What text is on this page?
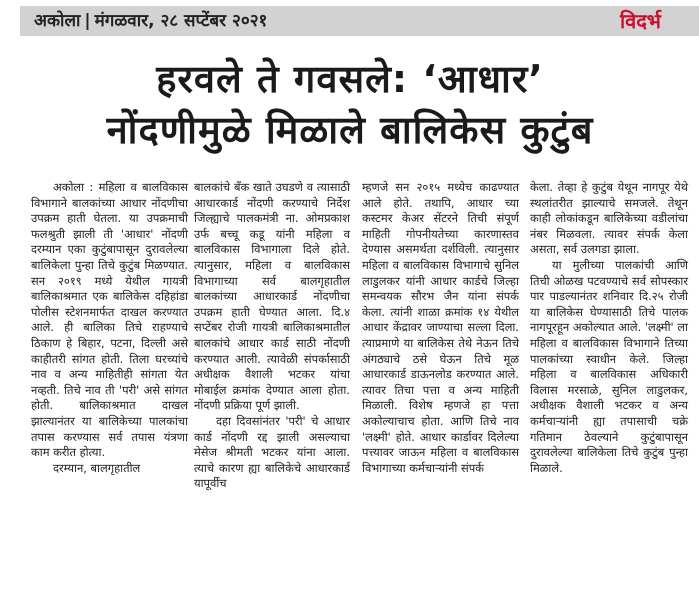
अकोला | मंगळवार, २८ सप्टेंबर २०२१	विदर्भ
हरवले ते गवसले: ‘आधार’
नोंदणीमुळे मिळाले बालिकेस कुटुंब

अकोला : महिला व बालविकास विभागाने बालकांच्या आधार नोंदणीचा उपक्रम हाती घेतला. या उपक्रमाची फलश्रुती झाली ती 'आधार' नोंदणी दरम्यान एका कुटुंबापासून दुरावलेल्या बालिकेला पुन्हा तिचे कुटुंब मिळण्यात. सन २०१९ मध्ये येथील गायत्री बालिकाश्रमात एक बालिकेस दहिहांडा पोलीस स्टेशनमार्फत दाखल करण्यात आले. ही बालिका तिचे राहण्याचे ठिकाण हे बिहार, पटना, दिल्ली असे काहीतरी सांगत होती. तिला घरच्यांचे नाव व अन्य माहितीही सांगता येत नव्हती. तिचे नाव ती 'परी' असे सांगत होती. बालिकाश्रमात दाखल झाल्यानंतर या बालिकेच्या पालकांचा तपास करण्यास सर्व तपास यंत्रणा काम करीत होत्या.

दरम्यान, बालगृहातील

बालकांचे बँक खाते उघडणे व त्यासाठी आधारकार्ड नोंदणी करण्याचे निर्देश जिल्ह्याचे पालकमंत्री ना. ओमप्रकाश उर्फ बच्चू कडू यांनी महिला व बालविकास विभागाला दिले होते. त्यानुसार, महिला व बालविकास विभागाच्या सर्व बालगृहातील बालकांच्या आधारकार्ड नोंदणीचा उपक्रम हाती घेण्यात आला. दि.४ सप्टेंबर रोजी गायत्री बालिकाश्रमातील बालकांचे आधार कार्ड साठी नोंदणी करण्यात आली. त्यावेळी संपर्कासाठी अधीक्षक वैशाली भटकर यांचा मोबाईल क्रमांक देण्यात आला होता. नोंदणी प्रक्रिया पूर्ण झाली.

दहा दिवसांनंतर 'परी' चे आधार कार्ड नोंदणी रद्द झाली असल्याचा मेसेज श्रीमती भटकर यांना आला. त्याचे कारण ह्या बालिकेचे आधारकार्ड यापूर्वीच

म्हणजे सन २०१५ मध्येच काढण्यात आले होते. तथापि, आधार च्या कस्टमर केअर सेंटरने तिची संपूर्ण माहिती गोपनीयतेच्या कारणास्तव देण्यास असमर्थता दर्शविली. त्यानुसार महिला व बालविकास विभागाचे सुनिल लाडुलकर यांनी आधार कार्डचे जिल्हा समन्वयक सौरभ जैन यांना संपर्क केला. त्यांनी शाळा क्रमांक १४ येथील आधार केंद्रावर जाण्याचा सल्ला दिला. त्याप्रमाणे या बालिकेस तेथे नेऊन तिचे अंगठ्याचे ठसे घेऊन तिचे मूळ आधारकार्ड डाऊनलोड करण्यात आले. त्यावर तिचा पत्ता व अन्य माहिती मिळाली. विशेष म्हणजे हा पत्ता अकोल्याचाच होता. आणि तिचे नाव 'लक्ष्मी' होते. आधार कार्डावर दिलेल्या पत्त्यावर जाऊन महिला व बालविकास विभागाच्या कर्मचाऱ्यांनी संपर्क

केला. तेव्हा हे कुटुंब येथून नागपूर येथे स्थलांतरीत झाल्याचे समजले. तेथून काही लोकांकडून बालिकेच्या वडीलांचा नंबर मिळवला. त्यावर संपर्क केला असता, सर्व उलगडा झाला.

या मुलीच्या पालकांची आणि तिची ओळख पटवण्याचे सर्व सोपस्कार पार पाडल्यानंतर शनिवार दि.२५ रोजी या बालिकेस घेण्यासाठी तिचे पालक नागपूरहून अकोल्यात आले. 'लक्ष्मी' ला महिला व बालविकास विभागाने तिच्या पालकांच्या स्वाधीन केले. जिल्हा महिला व बालविकास अधिकारी विलास मरसाळे, सुनिल लाडुलकर, अधीक्षक वैशाली भटकर व अन्य कर्मचाऱ्यांनी ह्या तपासाची चक्रे गतिमान ठेवल्याने कुटुंबापासून दुरावलेल्या बालिकेला तिचे कुटुंब पुन्हा मिळाले.
